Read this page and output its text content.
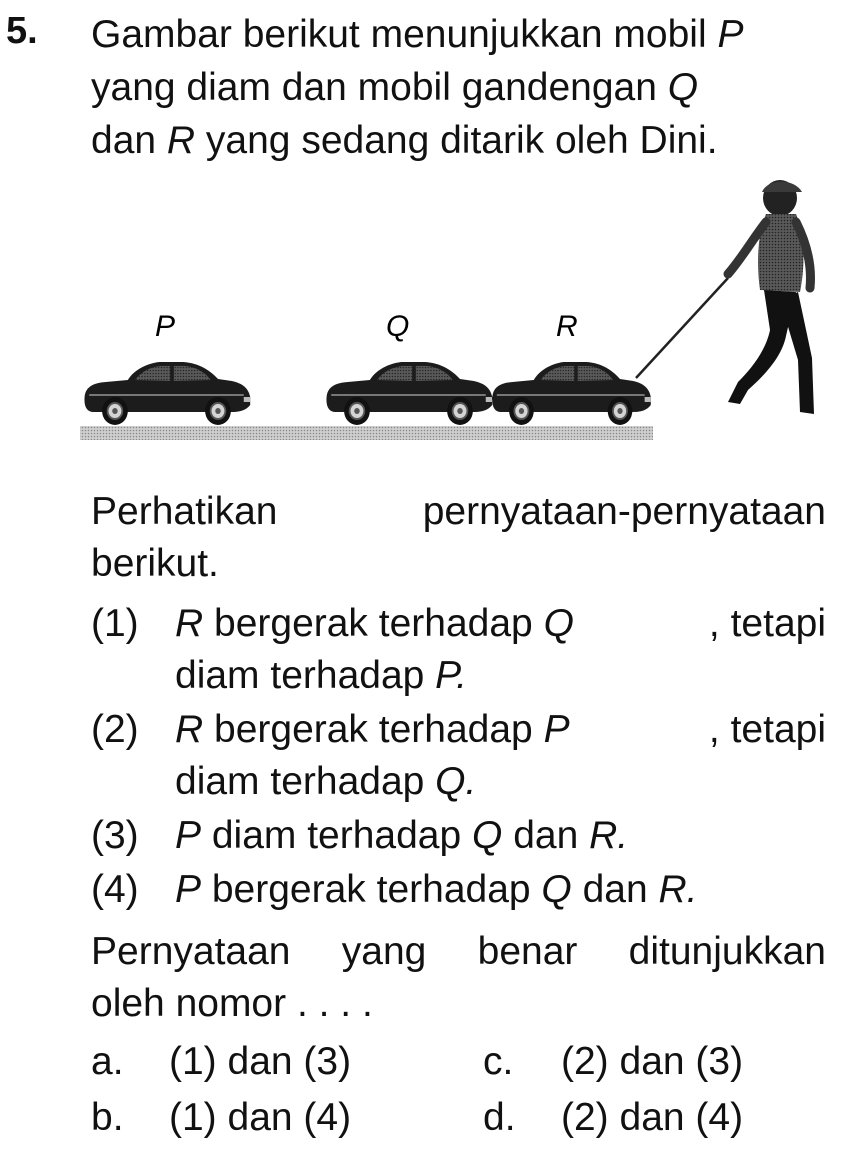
5. Gambar berikut menunjukkan mobil P
yang diam dan mobil gandengan Q
dan R yang sedang ditarik oleh Dini.
P	Q	R
Perhatikan	pernyataan-pernyataan
berikut.
(1) R bergerak terhadap Q	, tetapi
diam terhadap P.
(2) R bergerak terhadap P	, tetapi
diam terhadap Q.
(3) P diam terhadap Q dan R.
(4) P bergerak terhadap Q dan R.
Pernyataan yang benar ditunjukkan
oleh nomor . . . .
a. (1) dan (3)	c. (2) dan (3)
b. (1) dan (4)	d. (2) dan (4)
